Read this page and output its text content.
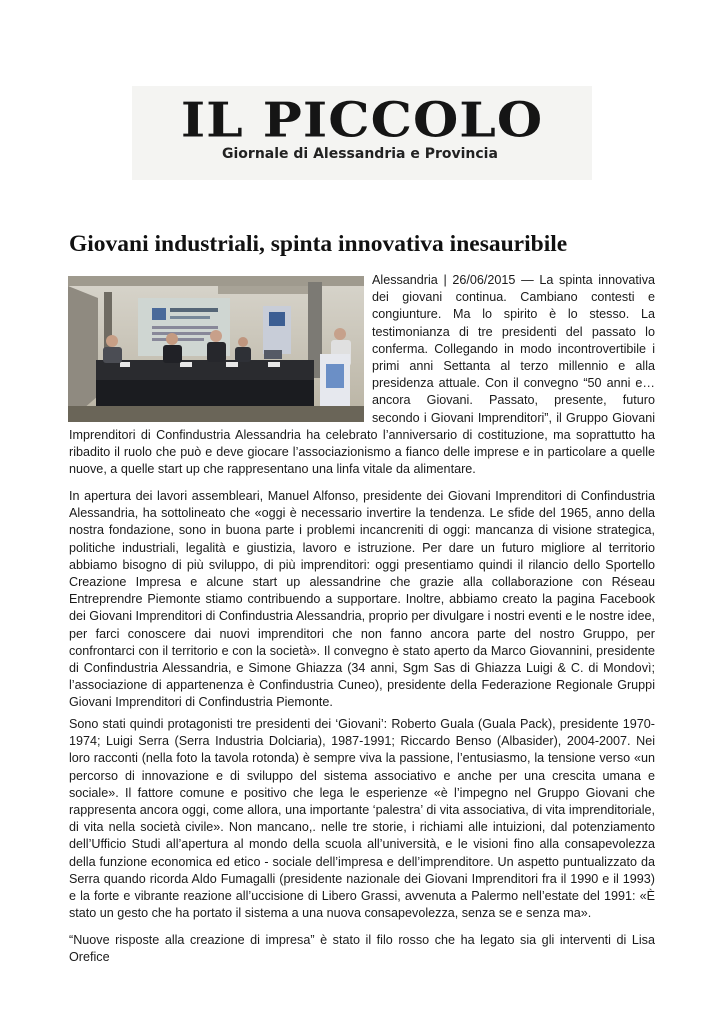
IL PICCOLO
Giornale di Alessandria e Provincia
Giovani industriali, spinta innovativa inesauribile

Alessandria | 26/06/2015 — La spinta innovativa dei giovani continua. Cambiano contesti e congiunture. Ma lo spirito è lo stesso. La testimonianza di tre presidenti del passato lo conferma. Collegando in modo incontrovertibile i primi anni Settanta al terzo millennio e alla presidenza attuale. Con il convegno “50 anni e… ancora Giovani. Passato, presente, futuro secondo i Giovani Imprenditori”, il Gruppo Giovani Imprenditori di Confindustria Alessandria ha celebrato l’anniversario di costituzione, ma soprattutto ha ribadito il ruolo che può e deve giocare l’associazionismo a fianco delle imprese e in particolare a quelle nuove, a quelle start up che rappresentano una linfa vitale da alimentare.

In apertura dei lavori assembleari, Manuel Alfonso, presidente dei Giovani Imprenditori di Confindustria Alessandria, ha sottolineato che «oggi è necessario invertire la tendenza. Le sfide del 1965, anno della nostra fondazione, sono in buona parte i problemi incancreniti di oggi: mancanza di visione strategica, politiche industriali, legalità e giustizia, lavoro e istruzione. Per dare un futuro migliore al territorio abbiamo bisogno di più sviluppo, di più imprenditori: oggi presentiamo quindi il rilancio dello Sportello Creazione Impresa e alcune start up alessandrine che grazie alla collaborazione con Réseau Entreprendre Piemonte stiamo contribuendo a supportare. Inoltre, abbiamo creato la pagina Facebook dei Giovani Imprenditori di Confindustria Alessandria, proprio per divulgare i nostri eventi e le nostre idee, per farci conoscere dai nuovi imprenditori che non fanno ancora parte del nostro Gruppo, per confrontarci con il territorio e con la società». Il convegno è stato aperto da Marco Giovannini, presidente di Confindustria Alessandria, e Simone Ghiazza (34 anni, Sgm Sas di Ghiazza Luigi & C. di Mondovì; l’associazione di appartenenza è Confindustria Cuneo), presidente della Federazione Regionale Gruppi Giovani Imprenditori di Confindustria Piemonte.

Sono stati quindi protagonisti tre presidenti dei ‘Giovani’: Roberto Guala (Guala Pack), presidente 1970-1974; Luigi Serra (Serra Industria Dolciaria), 1987-1991; Riccardo Benso (Albasider), 2004-2007. Nei loro racconti (nella foto la tavola rotonda) è sempre viva la passione, l’entusiasmo, la tensione verso «un percorso di innovazione e di sviluppo del sistema associativo e anche per una crescita umana e sociale». Il fattore comune e positivo che lega le esperienze «è l’impegno nel Gruppo Giovani che rappresenta ancora oggi, come allora, una importante ‘palestra’ di vita associativa, di vita imprenditoriale, di vita nella società civile». Non mancano,. nelle tre storie, i richiami alle intuizioni, dal potenziamento dell’Ufficio Studi all’apertura al mondo della scuola all’università, e le visioni fino alla consapevolezza della funzione economica ed etico - sociale dell’impresa e dell’imprenditore. Un aspetto puntualizzato da Serra quando ricorda Aldo Fumagalli (presidente nazionale dei Giovani Imprenditori fra il 1990 e il 1993) e la forte e vibrante reazione all’uccisione di Libero Grassi, avvenuta a Palermo nell’estate del 1991: «È stato un gesto che ha portato il sistema a una nuova consapevolezza, senza se e senza ma».

“Nuove risposte alla creazione di impresa” è stato il filo rosso che ha legato sia gli interventi di Lisa Orefice
